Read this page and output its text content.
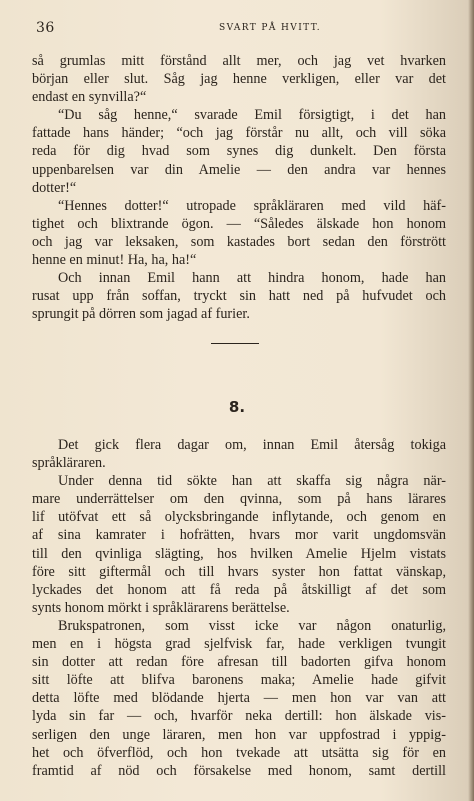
36	SVART PÅ HVITT.
så grumlas mitt förstånd allt mer, och jag vet hvarken
början eller slut. Såg jag henne verkligen, eller var det
endast en synvilla?“
“Du såg henne,“ svarade Emil försigtigt, i det han
fattade hans händer; “och jag förstår nu allt, och vill söka
reda för dig hvad som synes dig dunkelt. Den första
uppenbarelsen var din Amelie — den andra var hennes
dotter!“
“Hennes dotter!“ utropade språkläraren med vild häf-
tighet och blixtrande ögon. — “Således älskade hon honom
och jag var leksaken, som kastades bort sedan den förstrött
henne en minut! Ha, ha, ha!“
Och innan Emil hann att hindra honom, hade han
rusat upp från soffan, tryckt sin hatt ned på hufvudet och
sprungit på dörren som jagad af furier.
8.
Det gick flera dagar om, innan Emil återsåg tokiga
språkläraren.
Under denna tid sökte han att skaffa sig några när-
mare underrättelser om den qvinna, som på hans lärares
lif utöfvat ett så olycksbringande inflytande, och genom en
af sina kamrater i hofrätten, hvars mor varit ungdomsvän
till den qvinliga slägting, hos hvilken Amelie Hjelm vistats
före sitt giftermål och till hvars syster hon fattat vänskap,
lyckades det honom att få reda på åtskilligt af det som
synts honom mörkt i språklärarens berättelse.
Brukspatronen, som visst icke var någon onaturlig,
men en i högsta grad sjelfvisk far, hade verkligen tvungit
sin dotter att redan före afresan till badorten gifva honom
sitt löfte att blifva baronens maka; Amelie hade gifvit
detta löfte med blödande hjerta — men hon var van att
lyda sin far — och, hvarför neka dertill: hon älskade vis-
serligen den unge läraren, men hon var uppfostrad i yppig-
het och öfverflöd, och hon tvekade att utsätta sig för en
framtid af nöd och försakelse med honom, samt dertill
